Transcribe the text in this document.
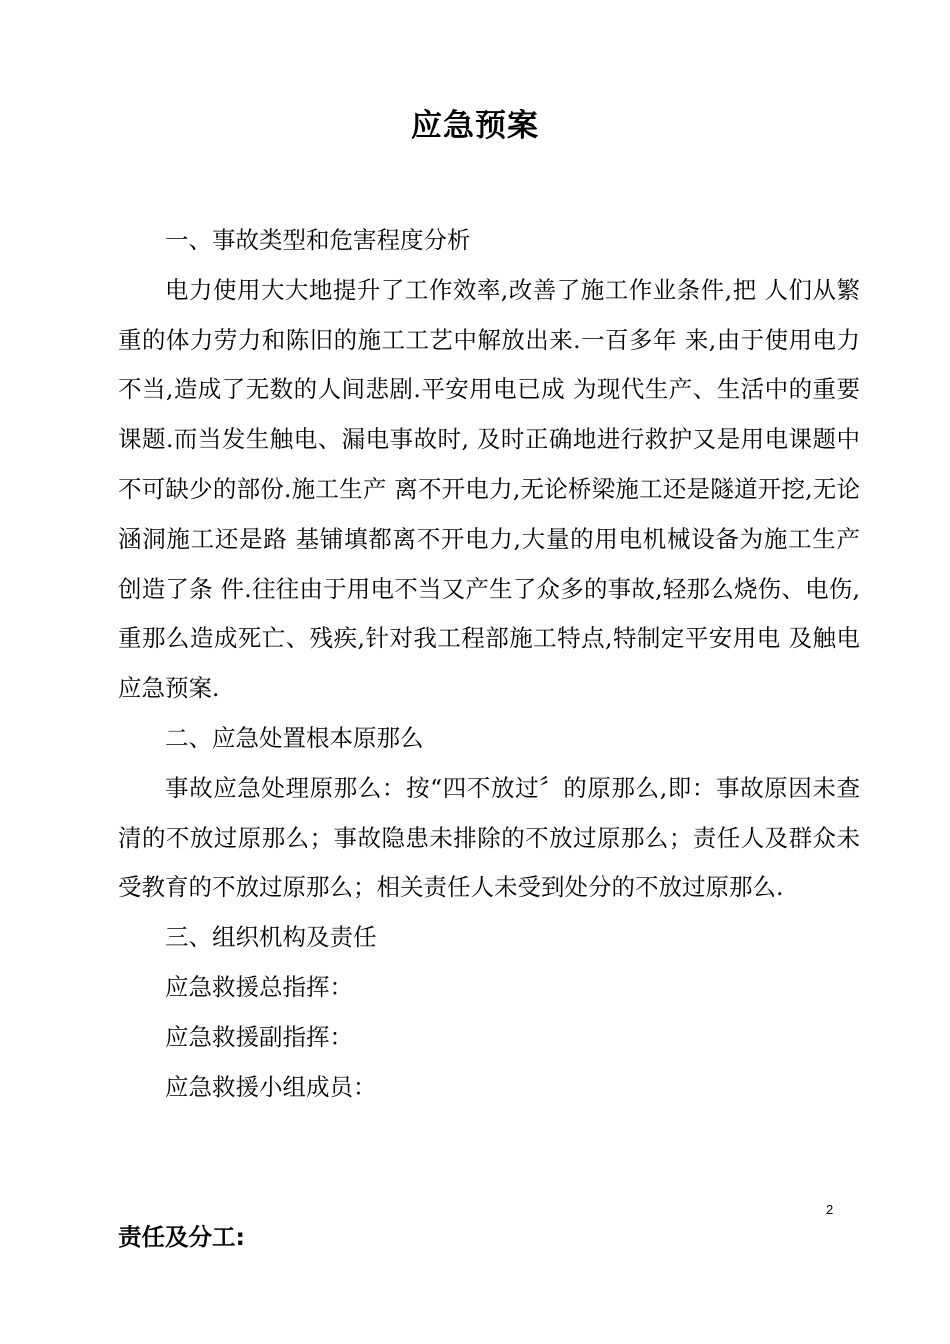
应急预案

一、事故类型和危害程度分析

电力使用大大地提升了工作效率,改善了施工作业条件,把 人们从繁重的体力劳力和陈旧的施工工艺中解放出来.一百多年 来,由于使用电力不当,造成了无数的人间悲剧.平安用电已成 为现代生产、生活中的重要课题.而当发生触电、漏电事故时, 及时正确地进行救护又是用电课题中不可缺少的部份.施工生产 离不开电力,无论桥梁施工还是隧道开挖,无论涵洞施工还是路 基铺填都离不开电力,大量的用电机械设备为施工生产创造了条 件.往往由于用电不当又产生了众多的事故,轻那么烧伤、电伤, 重那么造成死亡、残疾,针对我工程部施工特点,特制定平安用电 及触电应急预案.

二、应急处置根本原那么

事故应急处理原那么：按“四不放过〞的原那么,即：事故原因未查清的不放过原那么；事故隐患未排除的不放过原那么；责任人及群众未受教育的不放过原那么；相关责任人未受到处分的不放过原那么.

三、组织机构及责任

应急救援总指挥：

应急救援副指挥：

应急救援小组成员：

2
责任及分工:
